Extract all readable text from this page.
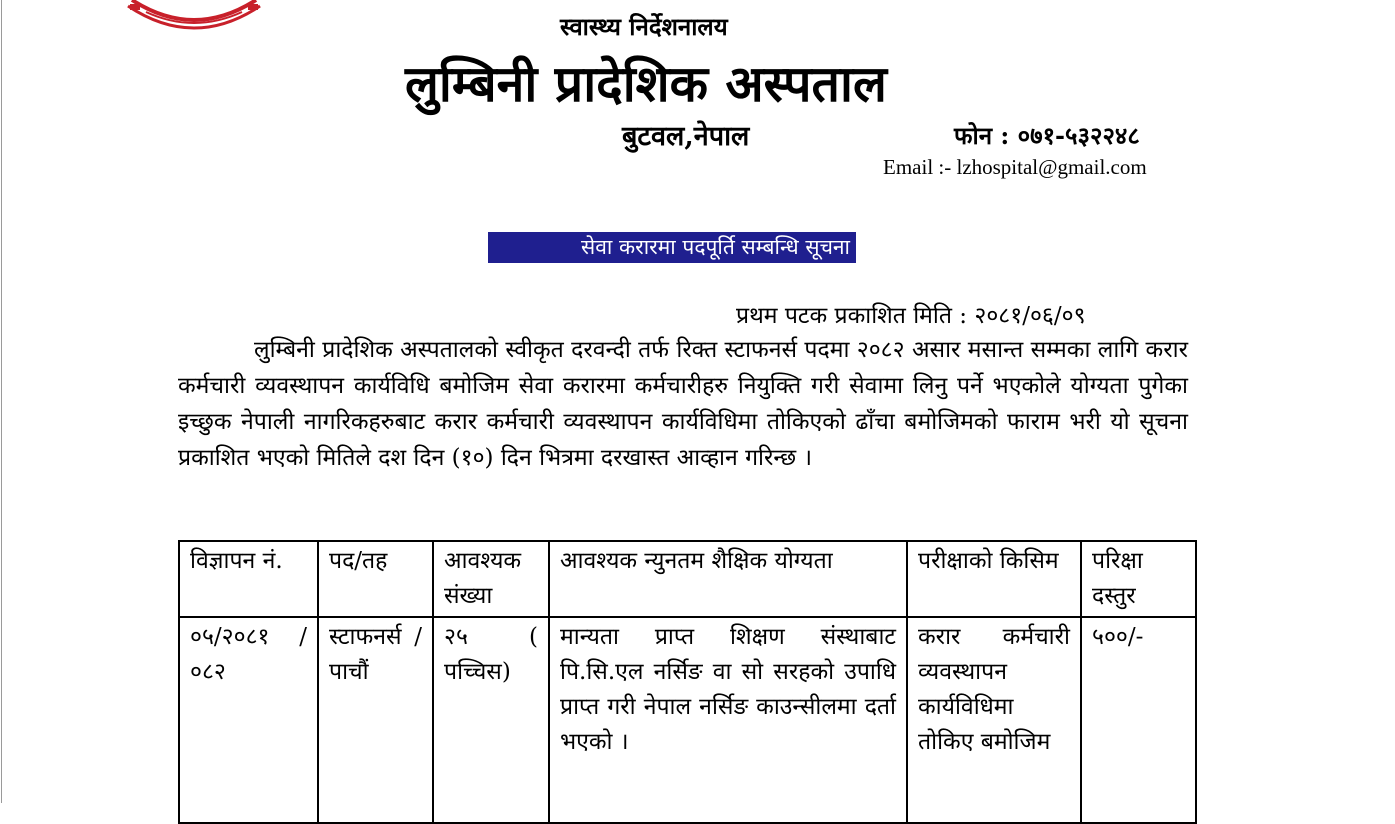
स्वास्थ्य निर्देशनालय
लुम्बिनी प्रादेशिक अस्पताल
बुटवल,नेपाल	फोन : ०७१-५३२२४८
Email :- lzhospital@gmail.com
सेवा करारमा पदपूर्ति सम्बन्धि सूचना
प्रथम पटक प्रकाशित मिति : २०८१/०६/०९
लुम्बिनी प्रादेशिक अस्पतालको स्वीकृत दरवन्दी तर्फ रिक्त स्टाफनर्स पदमा २०८२ असार मसान्त सम्मका लागि करार कर्मचारी व्यवस्थापन कार्यविधि बमोजिम सेवा करारमा कर्मचारीहरु नियुक्ति गरी सेवामा लिनु पर्ने भएकोले योग्यता पुगेका इच्छुक नेपाली नागरिकहरुबाट करार कर्मचारी व्यवस्थापन कार्यविधिमा तोकिएको ढाँचा बमोजिमको फाराम भरी यो सूचना प्रकाशित भएको मितिले दश दिन (१०) दिन भित्रमा दरखास्त आव्हान गरिन्छ ।
विज्ञापन नं.	पद/तह	आवश्यक संख्या	आवश्यक न्युनतम शैक्षिक योग्यता	परीक्षाको किसिम	परिक्षा दस्तुर
०५/२०८१ /०८२	स्टाफनर्स /पाचौं	२५ ( पच्चिस)	मान्यता प्राप्त शिक्षण संस्थाबाट पि.सि.एल नर्सिङ वा सो सरहको उपाधि प्राप्त गरी नेपाल नर्सिङ काउन्सीलमा दर्ता भएको ।	करार कर्मचारी व्यवस्थापन कार्यविधिमा तोकिए बमोजिम	५००/-
